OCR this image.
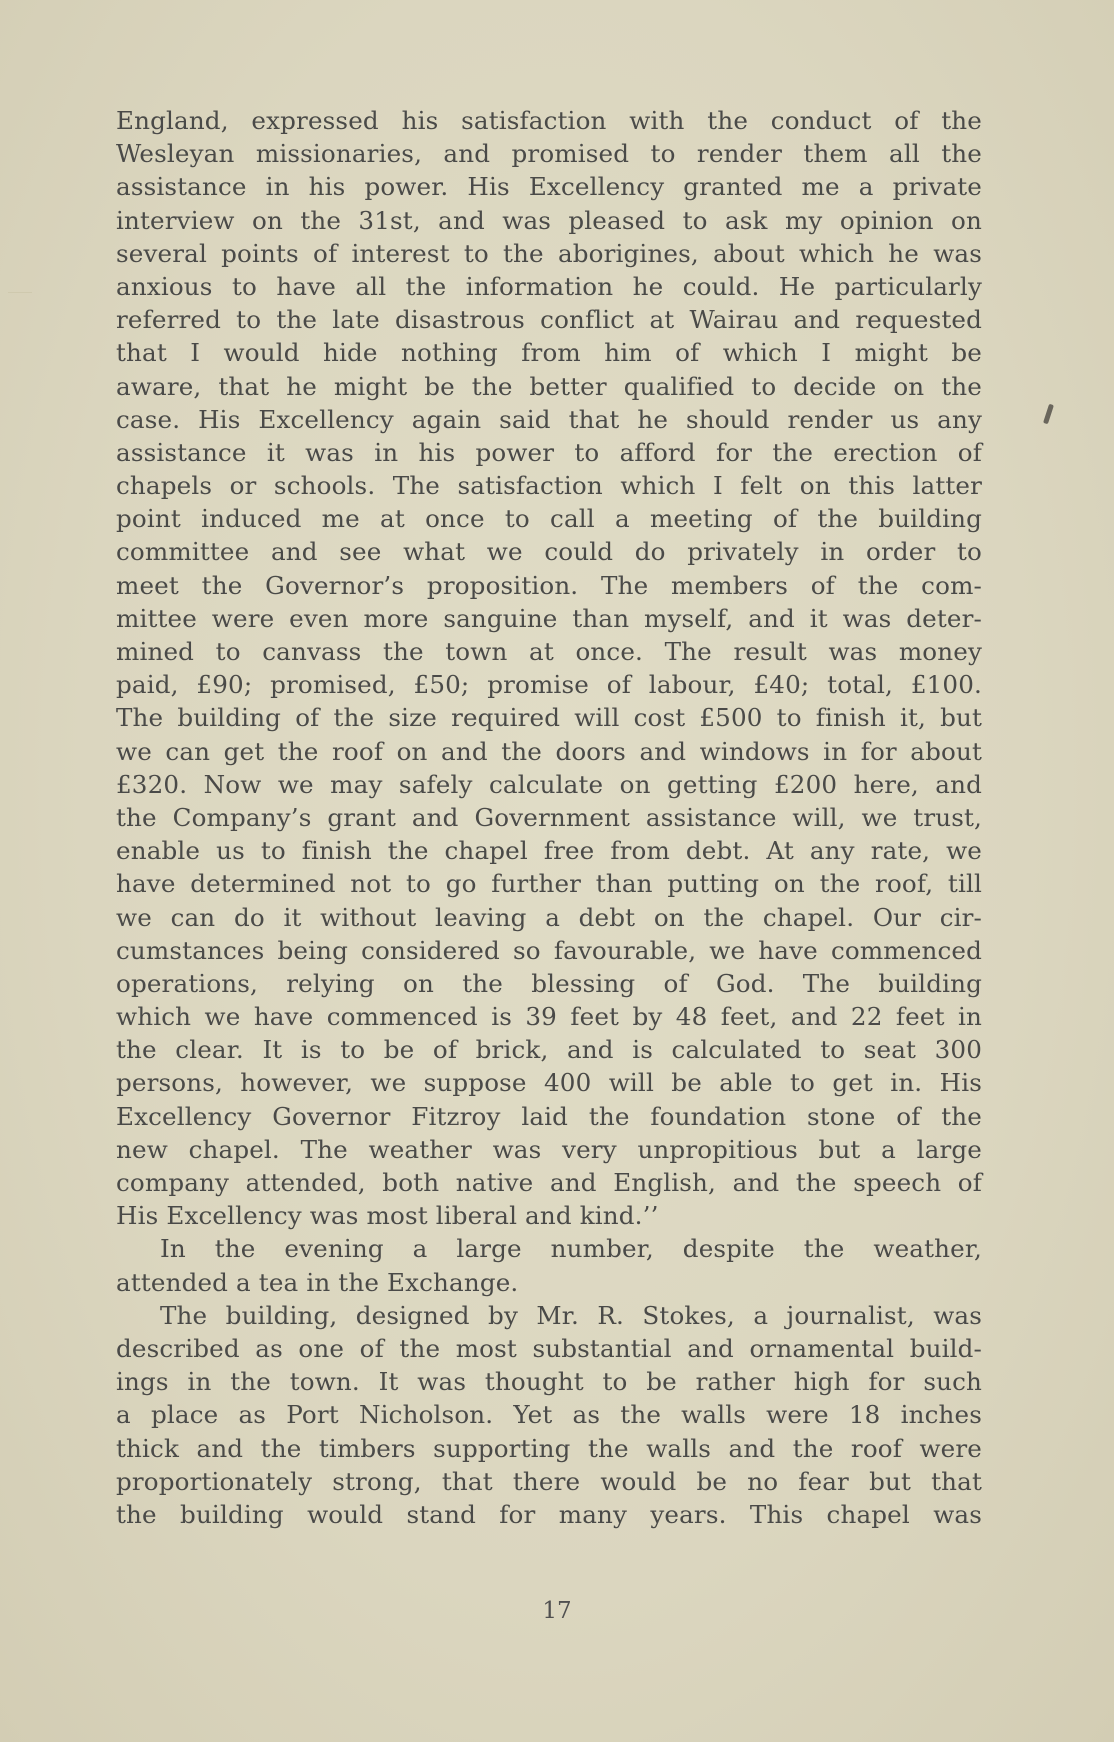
England, expressed his satisfaction with the conduct of the
Wesleyan missionaries, and promised to render them all the
assistance in his power. His Excellency granted me a private
interview on the 31st, and was pleased to ask my opinion on
several points of interest to the aborigines, about which he was
anxious to have all the information he could. He particularly
referred to the late disastrous conflict at Wairau and requested
that I would hide nothing from him of which I might be
aware, that he might be the better qualified to decide on the
case. His Excellency again said that he should render us any
assistance it was in his power to afford for the erection of
chapels or schools. The satisfaction which I felt on this latter
point induced me at once to call a meeting of the building
committee and see what we could do privately in order to
meet the Governor’s proposition. The members of the com-
mittee were even more sanguine than myself, and it was deter-
mined to canvass the town at once. The result was money
paid, £90; promised, £50; promise of labour, £40; total, £100.
The building of the size required will cost £500 to finish it, but
we can get the roof on and the doors and windows in for about
£320. Now we may safely calculate on getting £200 here, and
the Company’s grant and Government assistance will, we trust,
enable us to finish the chapel free from debt. At any rate, we
have determined not to go further than putting on the roof, till
we can do it without leaving a debt on the chapel. Our cir-
cumstances being considered so favourable, we have commenced
operations, relying on the blessing of God. The building
which we have commenced is 39 feet by 48 feet, and 22 feet in
the clear. It is to be of brick, and is calculated to seat 300
persons, however, we suppose 400 will be able to get in. His
Excellency Governor Fitzroy laid the foundation stone of the
new chapel. The weather was very unpropitious but a large
company attended, both native and English, and the speech of
His Excellency was most liberal and kind.’’
In the evening a large number, despite the weather,
attended a tea in the Exchange.
The building, designed by Mr. R. Stokes, a journalist, was
described as one of the most substantial and ornamental build-
ings in the town. It was thought to be rather high for such
a place as Port Nicholson. Yet as the walls were 18 inches
thick and the timbers supporting the walls and the roof were
proportionately strong, that there would be no fear but that
the building would stand for many years. This chapel was
17
